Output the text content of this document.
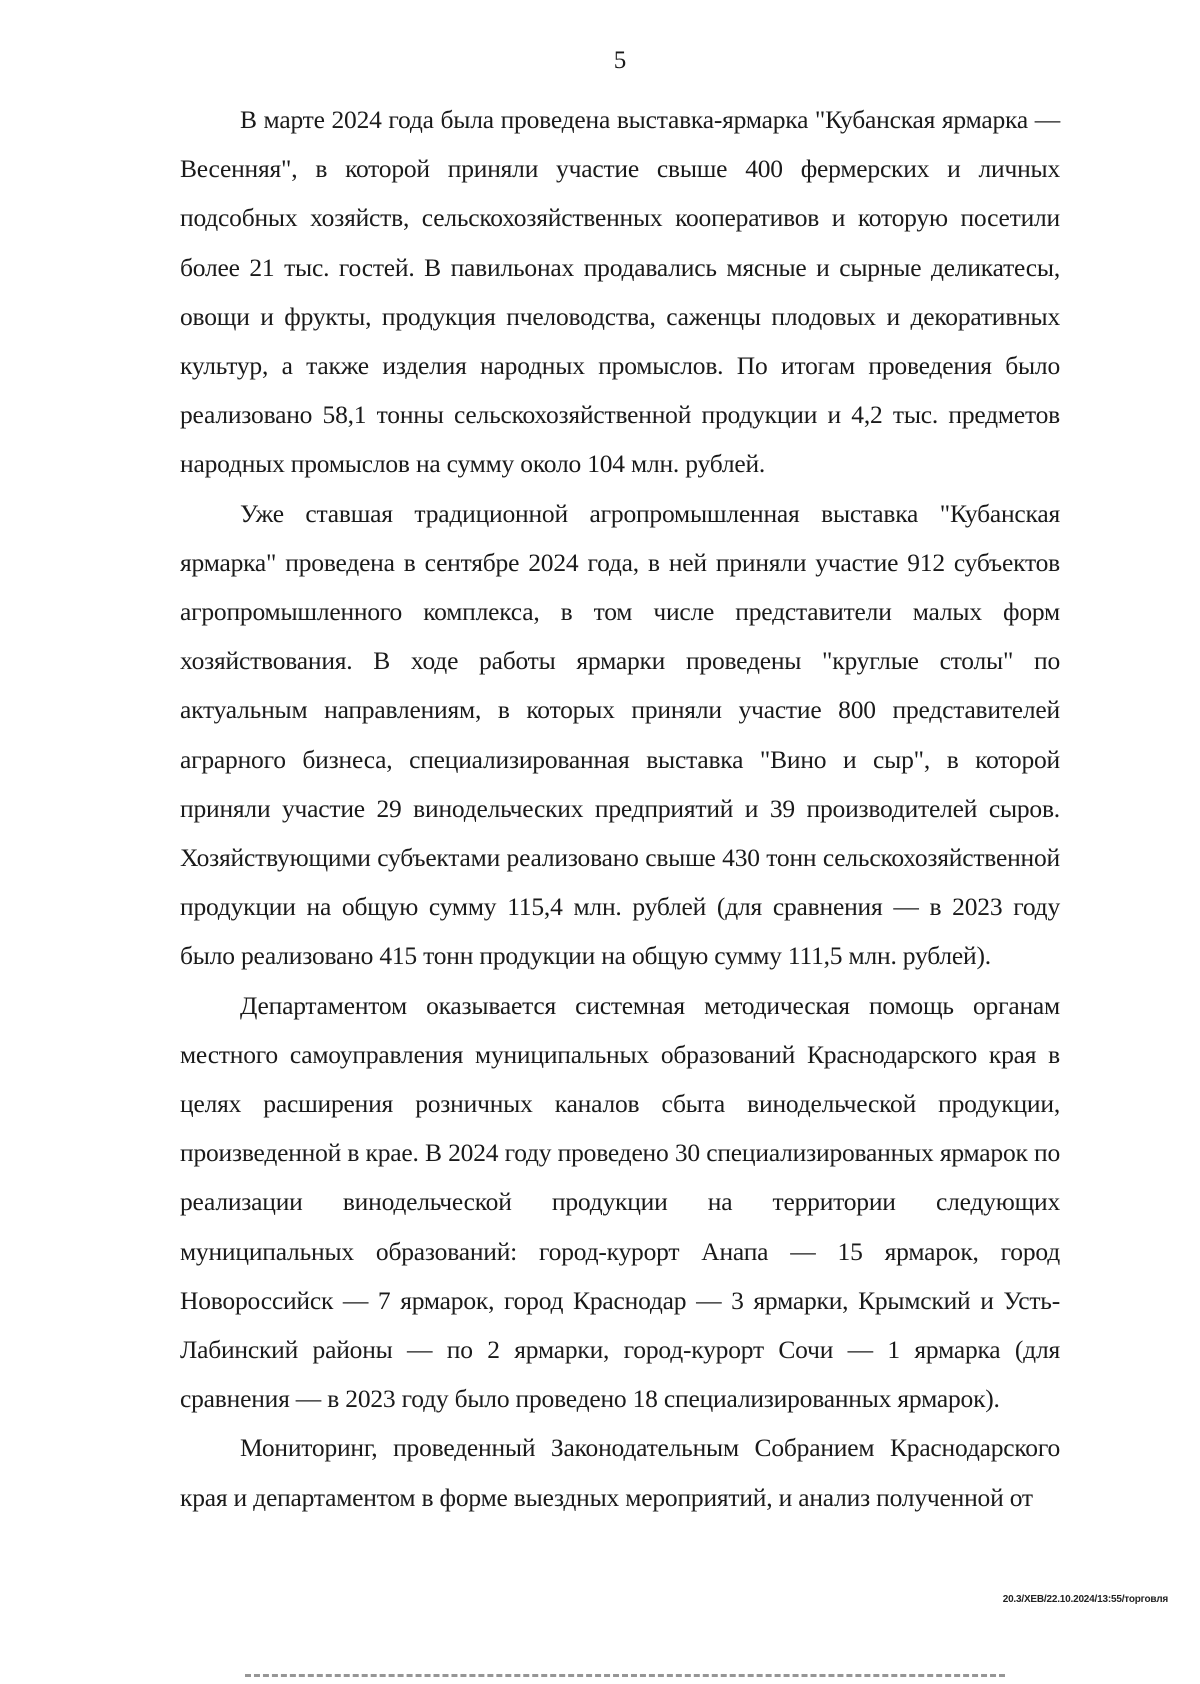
5

В марте 2024 года была проведена выставка-ярмарка "Кубанская ярмарка — Весенняя", в которой приняли участие свыше 400 фермерских и личных подсобных хозяйств, сельскохозяйственных кооперативов и которую посетили более 21 тыс. гостей. В павильонах продавались мясные и сырные деликатесы, овощи и фрукты, продукция пчеловодства, саженцы плодовых и декоративных культур, а также изделия народных промыслов. По итогам проведения было реализовано 58,1 тонны сельскохозяйственной продукции и 4,2 тыс. предметов народных промыслов на сумму около 104 млн. рублей.

Уже ставшая традиционной агропромышленная выставка "Кубанская ярмарка" проведена в сентябре 2024 года, в ней приняли участие 912 субъектов агропромышленного комплекса, в том числе представители малых форм хозяйствования. В ходе работы ярмарки проведены "круглые столы" по актуальным направлениям, в которых приняли участие 800 представителей аграрного бизнеса, специализированная выставка "Вино и сыр", в которой приняли участие 29 винодельческих предприятий и 39 производителей сыров. Хозяйствующими субъектами реализовано свыше 430 тонн сельскохозяйственной продукции на общую сумму 115,4 млн. рублей (для сравнения — в 2023 году было реализовано 415 тонн продукции на общую сумму 111,5 млн. рублей).

Департаментом оказывается системная методическая помощь органам местного самоуправления муниципальных образований Краснодарского края в целях расширения розничных каналов сбыта винодельческой продукции, произведенной в крае. В 2024 году проведено 30 специализированных ярмарок по реализации винодельческой продукции на территории следующих муниципальных образований: город-курорт Анапа — 15 ярмарок, город Новороссийск — 7 ярмарок, город Краснодар — 3 ярмарки, Крымский и Усть-Лабинский районы — по 2 ярмарки, город-курорт Сочи — 1 ярмарка (для сравнения — в 2023 году было проведено 18 специализированных ярмарок).

Мониторинг, проведенный Законодательным Собранием Краснодарского края и департаментом в форме выездных мероприятий, и анализ полученной от

20.3/ХЕВ/22.10.2024/13:55/торговля
